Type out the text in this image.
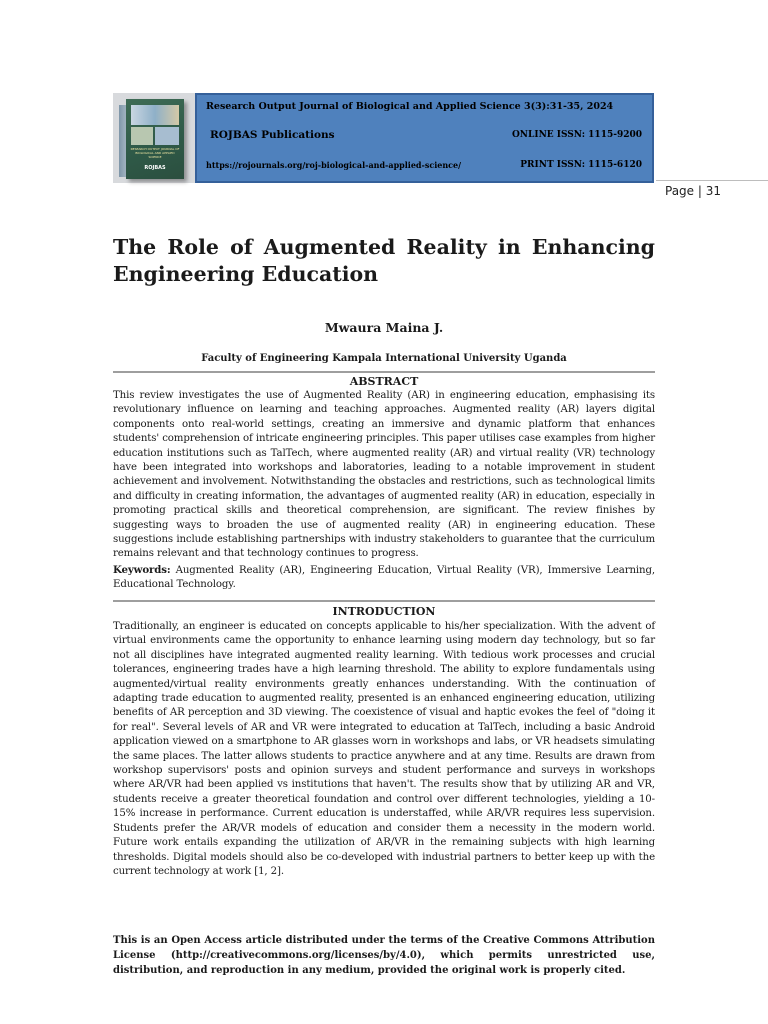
RESEARCH OUTPUT JOURNAL OF BIOLOGICAL AND APPLIED SCIENCE
ROJBAS
Research Output Journal of Biological and Applied Science 3(3):31-35, 2024
ROJBAS Publications	ONLINE ISSN: 1115-9200
https://rojournals.org/roj-biological-and-applied-science/	PRINT ISSN: 1115-6120
Page | 31
The Role of Augmented Reality in Enhancing Engineering Education
Mwaura Maina J.
Faculty of Engineering Kampala International University Uganda
ABSTRACT

This review investigates the use of Augmented Reality (AR) in engineering education, emphasising its revolutionary influence on learning and teaching approaches. Augmented reality (AR) layers digital components onto real-world settings, creating an immersive and dynamic platform that enhances students' comprehension of intricate engineering principles. This paper utilises case examples from higher education institutions such as TalTech, where augmented reality (AR) and virtual reality (VR) technology have been integrated into workshops and laboratories, leading to a notable improvement in student achievement and involvement. Notwithstanding the obstacles and restrictions, such as technological limits and difficulty in creating information, the advantages of augmented reality (AR) in education, especially in promoting practical skills and theoretical comprehension, are significant. The review finishes by suggesting ways to broaden the use of augmented reality (AR) in engineering education. These suggestions include establishing partnerships with industry stakeholders to guarantee that the curriculum remains relevant and that technology continues to progress.

Keywords: Augmented Reality (AR), Engineering Education, Virtual Reality (VR), Immersive Learning, Educational Technology.

INTRODUCTION

Traditionally, an engineer is educated on concepts applicable to his/her specialization. With the advent of virtual environments came the opportunity to enhance learning using modern day technology, but so far not all disciplines have integrated augmented reality learning. With tedious work processes and crucial tolerances, engineering trades have a high learning threshold. The ability to explore fundamentals using augmented/virtual reality environments greatly enhances understanding. With the continuation of adapting trade education to augmented reality, presented is an enhanced engineering education, utilizing benefits of AR perception and 3D viewing. The coexistence of visual and haptic evokes the feel of "doing it for real". Several levels of AR and VR were integrated to education at TalTech, including a basic Android application viewed on a smartphone to AR glasses worn in workshops and labs, or VR headsets simulating the same places. The latter allows students to practice anywhere and at any time. Results are drawn from workshop supervisors' posts and opinion surveys and student performance and surveys in workshops where AR/VR had been applied vs institutions that haven't. The results show that by utilizing AR and VR, students receive a greater theoretical foundation and control over different technologies, yielding a 10-15% increase in performance. Current education is understaffed, while AR/VR requires less supervision. Students prefer the AR/VR models of education and consider them a necessity in the modern world. Future work entails expanding the utilization of AR/VR in the remaining subjects with high learning thresholds. Digital models should also be co-developed with industrial partners to better keep up with the current technology at work [1, 2].

This is an Open Access article distributed under the terms of the Creative Commons Attribution License (http://creativecommons.org/licenses/by/4.0), which permits unrestricted use, distribution, and reproduction in any medium, provided the original work is properly cited.
